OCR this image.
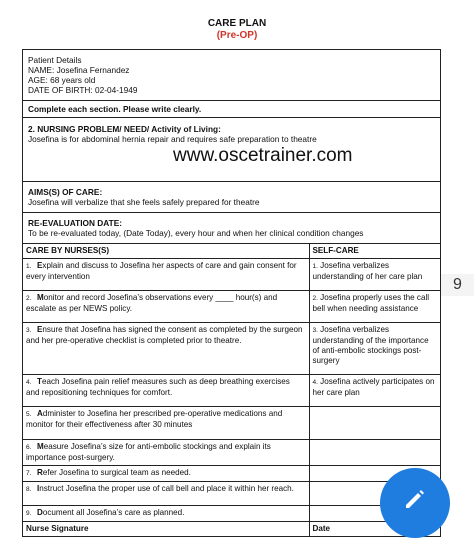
CARE PLAN
(Pre-OP)
Patient Details
NAME: Josefina Fernandez
AGE: 68 years old
DATE OF BIRTH: 02-04-1949
Complete each section. Please write clearly.
2. NURSING PROBLEM/ NEED/ Activity of Living:
Josefina is for abdominal hernia repair and requires safe preparation to theatre
www.oscetrainer.com
AIMS(S) OF CARE:
Josefina will verbalize that she feels safely prepared for theatre
RE-EVALUATION DATE:
To be re-evaluated today, (Date Today), every hour and when her clinical condition changes
CARE BY NURSES(S)	SELF-CARE
1. Explain and discuss to Josefina her aspects of care and gain consent for every intervention	1. Josefina verbalizes understanding of her care plan
2. Monitor and record Josefina’s observations every ____ hour(s) and escalate as per NEWS policy.	2. Josefina properly uses the call bell when needing assistance
3. Ensure that Josefina has signed the consent as completed by the surgeon and her pre-operative checklist is completed prior to theatre.	3. Josefina verbalizes understanding of the importance of anti-embolic stockings post-surgery
4. Teach Josefina pain relief measures such as deep breathing exercises and repositioning techniques for comfort.	4. Josefina actively participates on her care plan
5. Administer to Josefina her prescribed pre-operative medications and monitor for their effectiveness after 30 minutes	
6. Measure Josefina’s size for anti-embolic stockings and explain its importance post-surgery.	
7. Refer Josefina to surgical team as needed.	
8. Instruct Josefina the proper use of call bell and place it within her reach.	
9. Document all Josefina’s care as planned.	
Nurse Signature	Date
9
